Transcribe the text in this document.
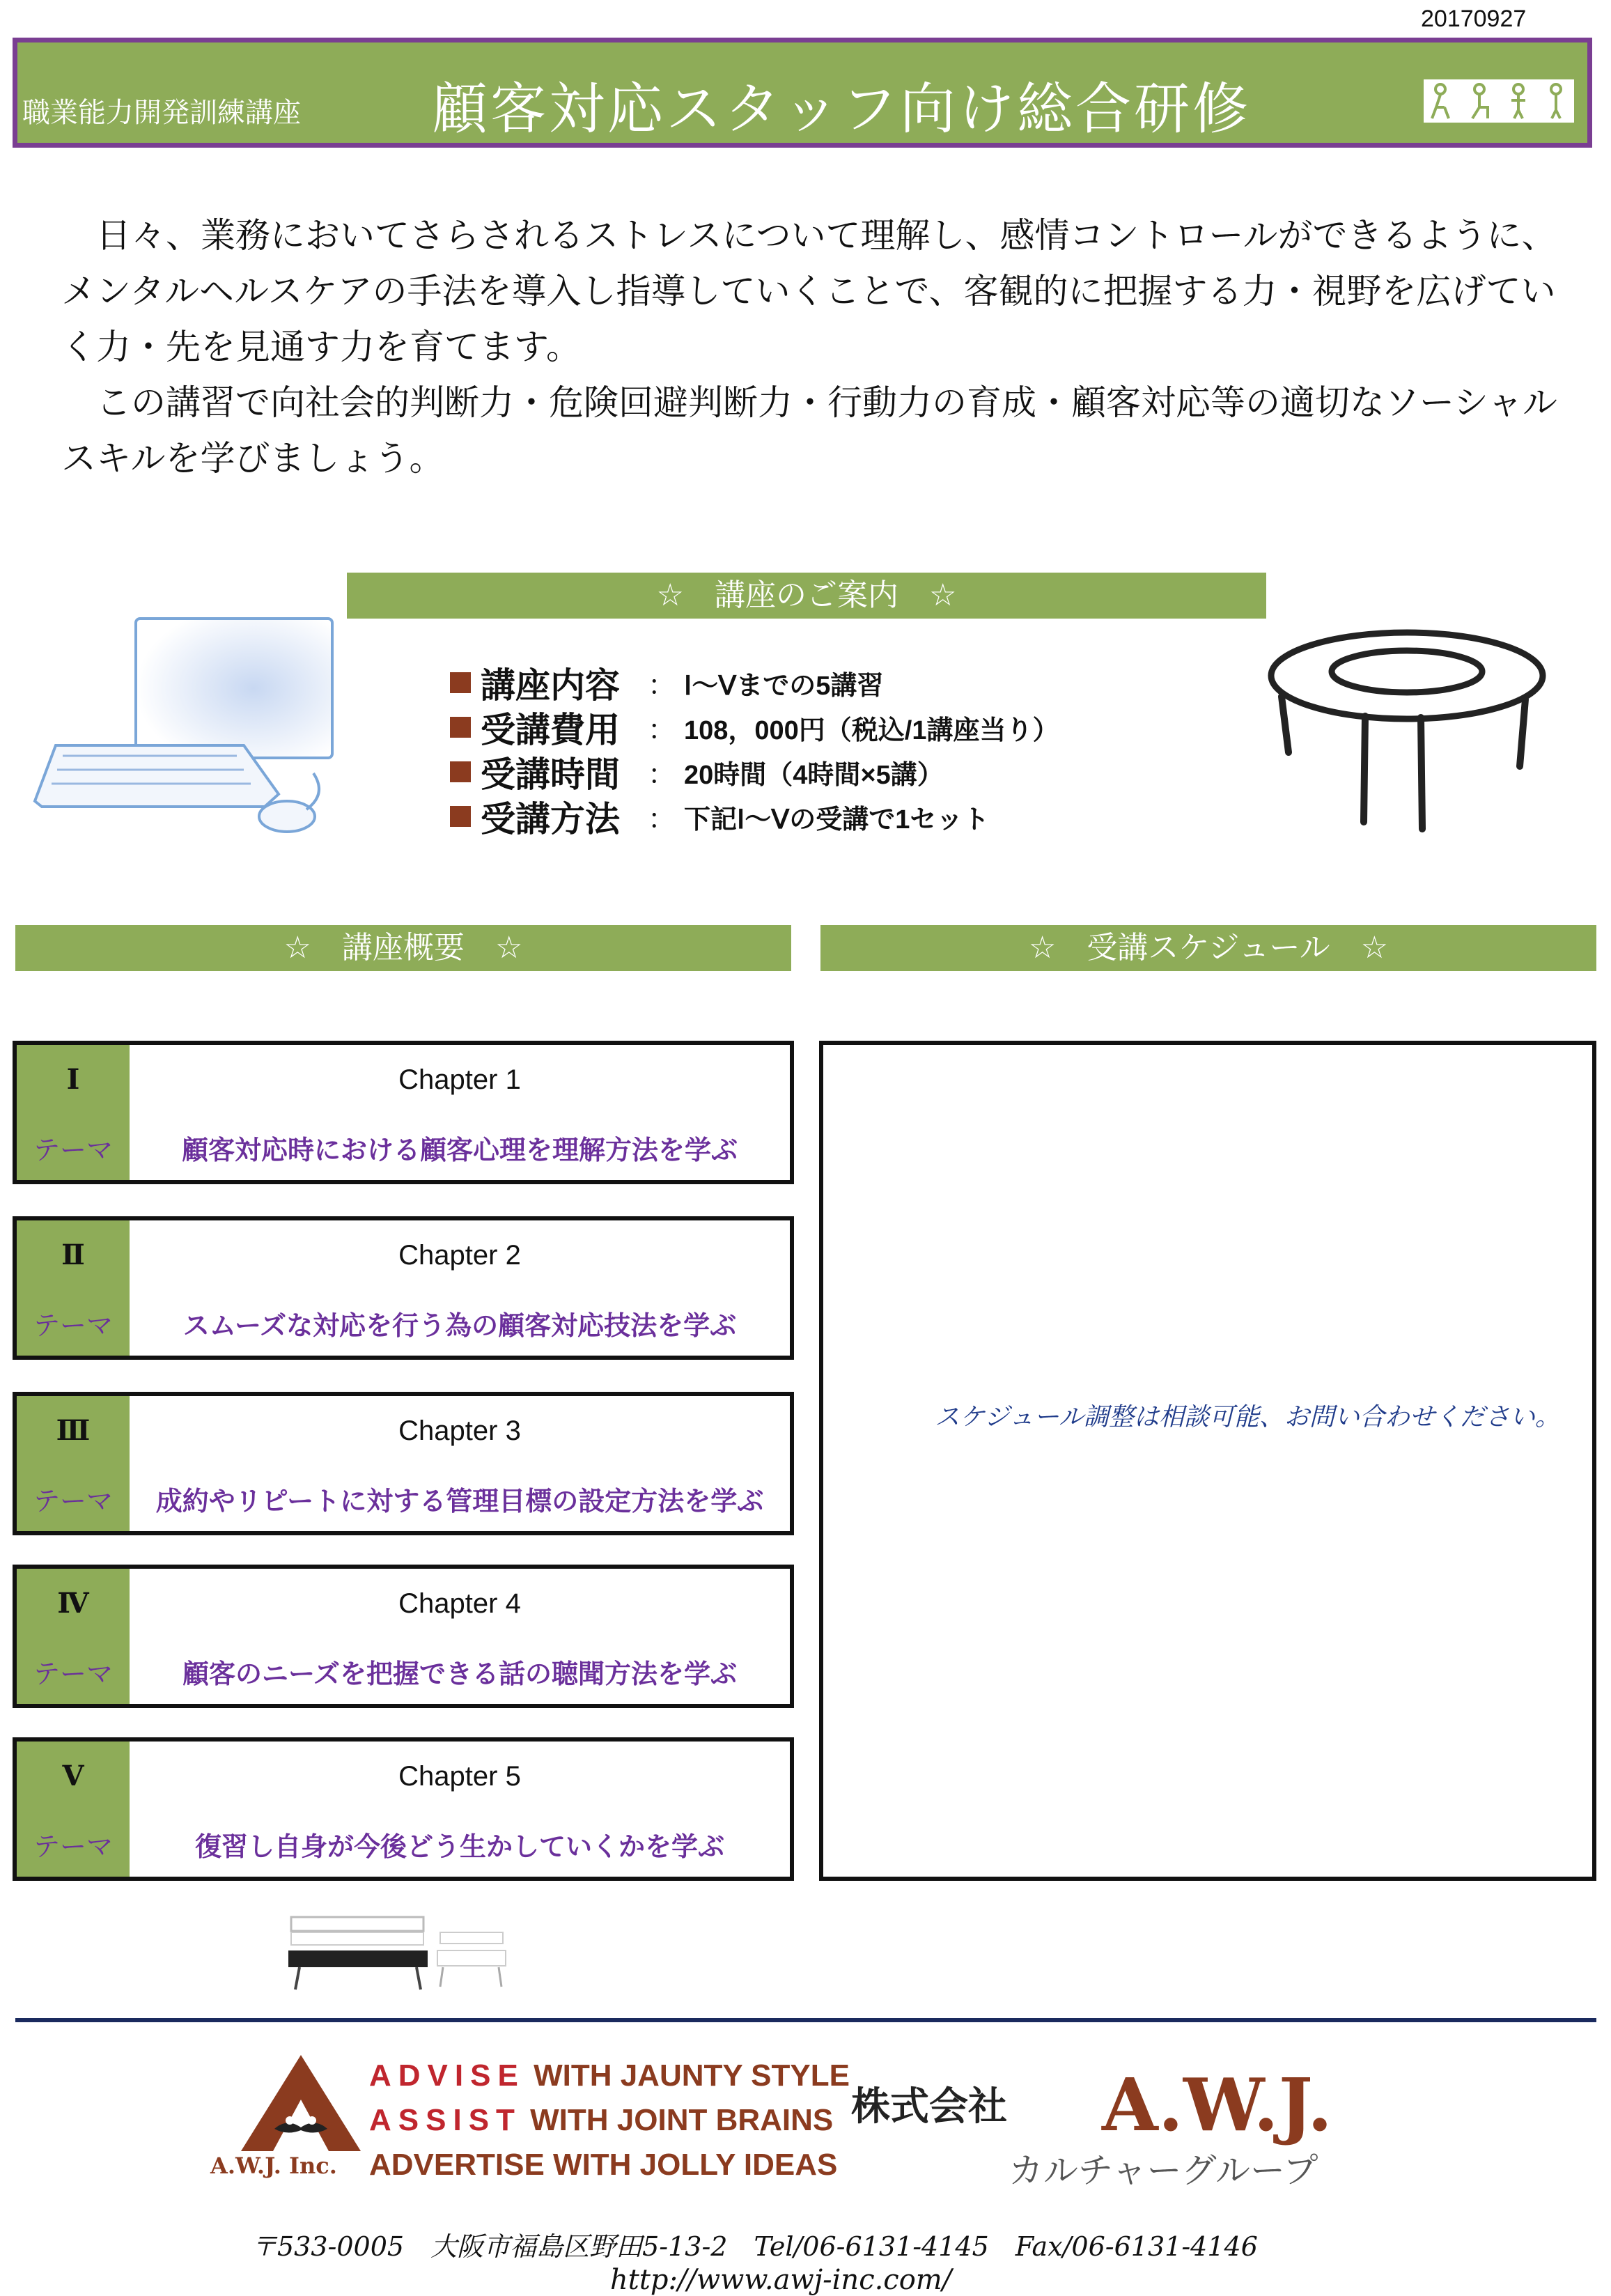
20170927
職業能力開発訓練講座 顧客対応スタッフ向け総合研修

　日々、業務においてさらされるストレスについて理解し、感情コントロールができるように、メンタルヘルスケアの手法を導入し指導していくことで、客観的に把握する力・視野を広げていく力・先を見通す力を育てます。

　この講習で向社会的判断力・危険回避判断力・行動力の育成・顧客対応等の適切なソーシャルスキルを学びましょう。

☆　講座のご案内　☆
講座内容	： Ⅰ～Ⅴまでの5講習
受講費用	： 108，000円（税込/1講座当り）
受講時間	： 20時間（4時間×5講）
受講方法	： 下記Ⅰ～Ⅴの受講で1セット
☆　講座概要　☆	☆　受講スケジュール　☆
Ⅰ
テーマ
Chapter 1
顧客対応時における顧客心理を理解方法を学ぶ
Ⅱ
テーマ
Chapter 2
スムーズな対応を行う為の顧客対応技法を学ぶ
Ⅲ
テーマ
Chapter 3
成約やリピートに対する管理目標の設定方法を学ぶ
Ⅳ
テーマ
Chapter 4
顧客のニーズを把握できる話の聴聞方法を学ぶ
Ⅴ
テーマ
Chapter 5
復習し自身が今後どう生かしていくかを学ぶ
スケジュール調整は相談可能、お問い合わせください。
A.W.J. Inc.
ADVISE WITH JAUNTY STYLE
ASSIST WITH JOINT BRAINS
ADVERTISE WITH JOLLY IDEAS
株式会社 A.W.J.
カルチャーグループ
〒533-0005　大阪市福島区野田5-13-2　Tel/06-6131-4145　Fax/06-6131-4146
http://www.awj-inc.com/
